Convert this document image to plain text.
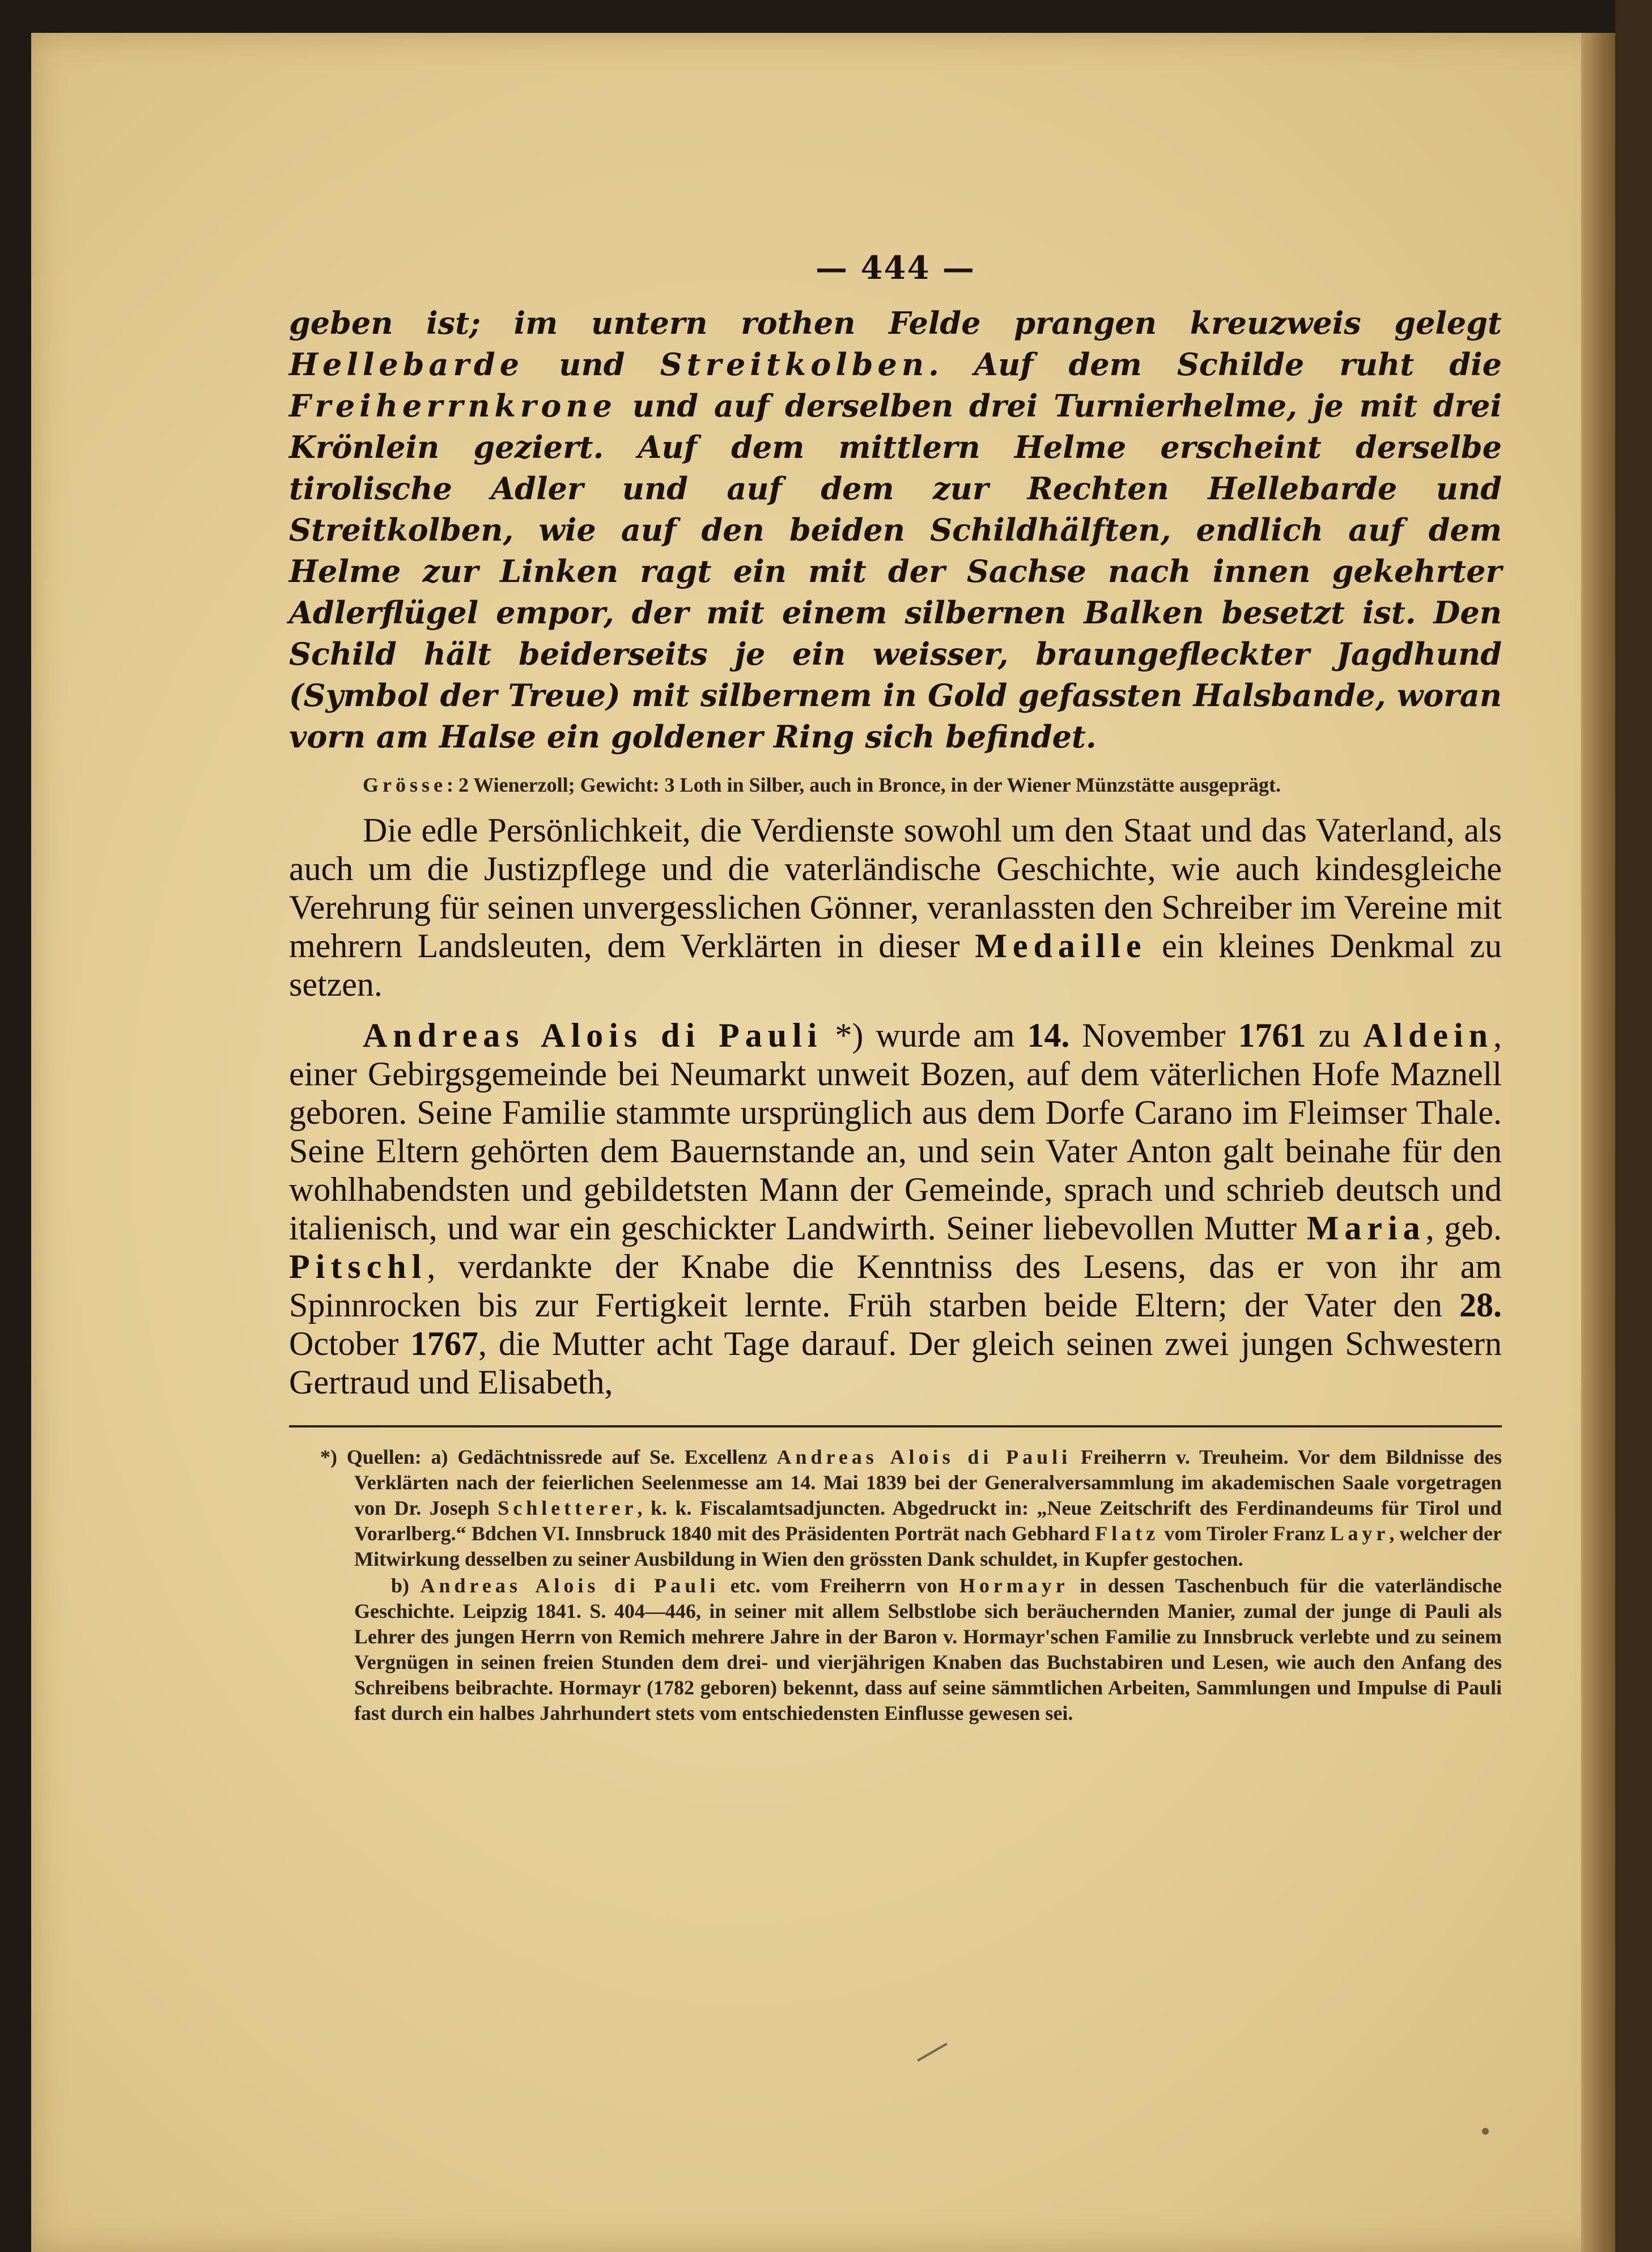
— 444 —
geben ist; im untern rothen Felde prangen kreuzweis gelegt Hellebarde und Streitkolben. Auf dem Schilde ruht die Freiherrnkrone und auf derselben drei Turnierhelme, je mit drei Krönlein geziert. Auf dem mittlern Helme erscheint derselbe tirolische Adler und auf dem zur Rechten Hellebarde und Streitkolben, wie auf den beiden Schildhälften, endlich auf dem Helme zur Linken ragt ein mit der Sachse nach innen gekehrter Adlerflügel empor, der mit einem silbernen Balken besetzt ist. Den Schild hält beiderseits je ein weisser, braungefleckter Jagdhund (Symbol der Treue) mit silbernem in Gold gefassten Halsbande, woran vorn am Halse ein goldener Ring sich befindet.
Grösse: 2 Wienerzoll; Gewicht: 3 Loth in Silber, auch in Bronce, in der Wiener Münzstätte ausgeprägt.
Die edle Persönlichkeit, die Verdienste sowohl um den Staat und das Vaterland, als auch um die Justizpflege und die vaterländische Geschichte, wie auch kindesgleiche Verehrung für seinen unvergesslichen Gönner, veranlassten den Schreiber im Vereine mit mehrern Landsleuten, dem Verklärten in dieser Medaille ein kleines Denkmal zu setzen.
Andreas Alois di Pauli *) wurde am 14. November 1761 zu Aldein, einer Gebirgsgemeinde bei Neumarkt unweit Bozen, auf dem väterlichen Hofe Maznell geboren. Seine Familie stammte ursprünglich aus dem Dorfe Carano im Fleimser Thale. Seine Eltern gehörten dem Bauernstande an, und sein Vater Anton galt beinahe für den wohlhabendsten und gebildetsten Mann der Gemeinde, sprach und schrieb deutsch und italienisch, und war ein geschickter Landwirth. Seiner liebevollen Mutter Maria, geb. Pitschl, verdankte der Knabe die Kenntniss des Lesens, das er von ihr am Spinnrocken bis zur Fertigkeit lernte. Früh starben beide Eltern; der Vater den 28. October 1767, die Mutter acht Tage darauf. Der gleich seinen zwei jungen Schwestern Gertraud und Elisabeth,
*) Quellen: a) Gedächtnissrede auf Se. Excellenz Andreas Alois di Pauli Freiherrn v. Treuheim. Vor dem Bildnisse des Verklärten nach der feierlichen Seelenmesse am 14. Mai 1839 bei der Generalversammlung im akademischen Saale vorgetragen von Dr. Joseph Schletterer, k. k. Fiscalamtsadjuncten. Abgedruckt in: „Neue Zeitschrift des Ferdinandeums für Tirol und Vorarlberg.“ Bdchen VI. Innsbruck 1840 mit des Präsidenten Porträt nach Gebhard Flatz vom Tiroler Franz Layr, welcher der Mitwirkung desselben zu seiner Ausbildung in Wien den grössten Dank schuldet, in Kupfer gestochen.
b) Andreas Alois di Pauli etc. vom Freiherrn von Hormayr in dessen Taschenbuch für die vaterländische Geschichte. Leipzig 1841. S. 404—446, in seiner mit allem Selbstlobe sich beräuchernden Manier, zumal der junge di Pauli als Lehrer des jungen Herrn von Remich mehrere Jahre in der Baron v. Hormayr'schen Familie zu Innsbruck verlebte und zu seinem Vergnügen in seinen freien Stunden dem drei- und vierjährigen Knaben das Buchstabiren und Lesen, wie auch den Anfang des Schreibens beibrachte. Hormayr (1782 geboren) bekennt, dass auf seine sämmtlichen Arbeiten, Sammlungen und Impulse di Pauli fast durch ein halbes Jahrhundert stets vom entschiedensten Einflusse gewesen sei.
